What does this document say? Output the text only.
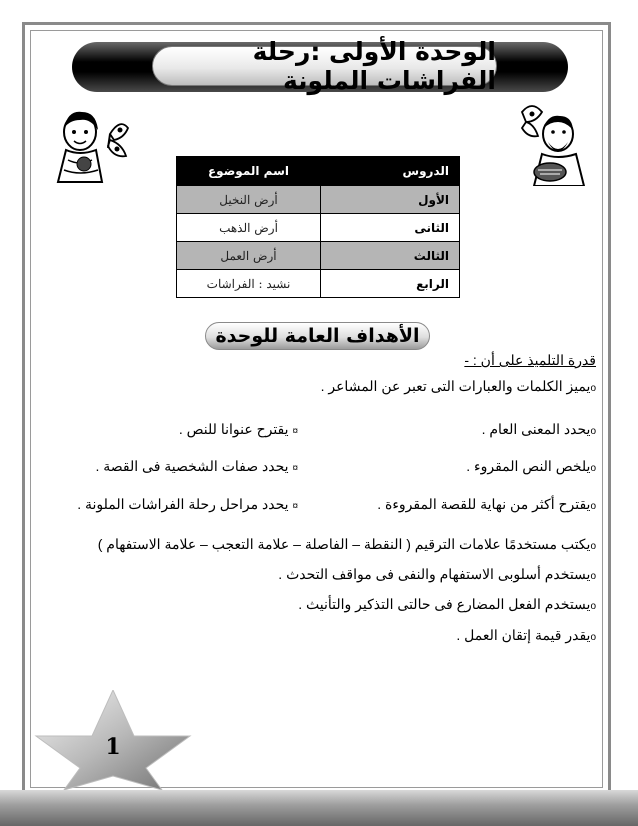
الوحدة الأولى :رحلة الفراشات الملونة
الدروس	اسم الموضوع
الأول	أرض النخيل
الثانى	أرض الذهب
الثالث	أرض العمل
الرابع	نشيد : الفراشات
الأهداف العامة للوحدة
قدرة التلميذ على أن : -
oيميز الكلمات والعبارات التى تعبر عن المشاعر .
oيحدد المعنى العام .
¤ يقترح عنوانا للنص .
oيلخص النص المقروء .
¤ يحدد صفات الشخصية فى القصة .
oيقترح أكثر من نهاية للقصة المقروءة .
¤ يحدد مراحل رحلة الفراشات الملونة .
oيكتب مستخدمًا علامات الترقيم ( النقطة – الفاصلة – علامة التعجب – علامة الاستفهام )
oيستخدم أسلوبى الاستفهام والنفى فى مواقف التحدث .
oيستخدم الفعل المضارع فى حالتى التذكير والتأنيث .
oيقدر قيمة إتقان العمل .
1
